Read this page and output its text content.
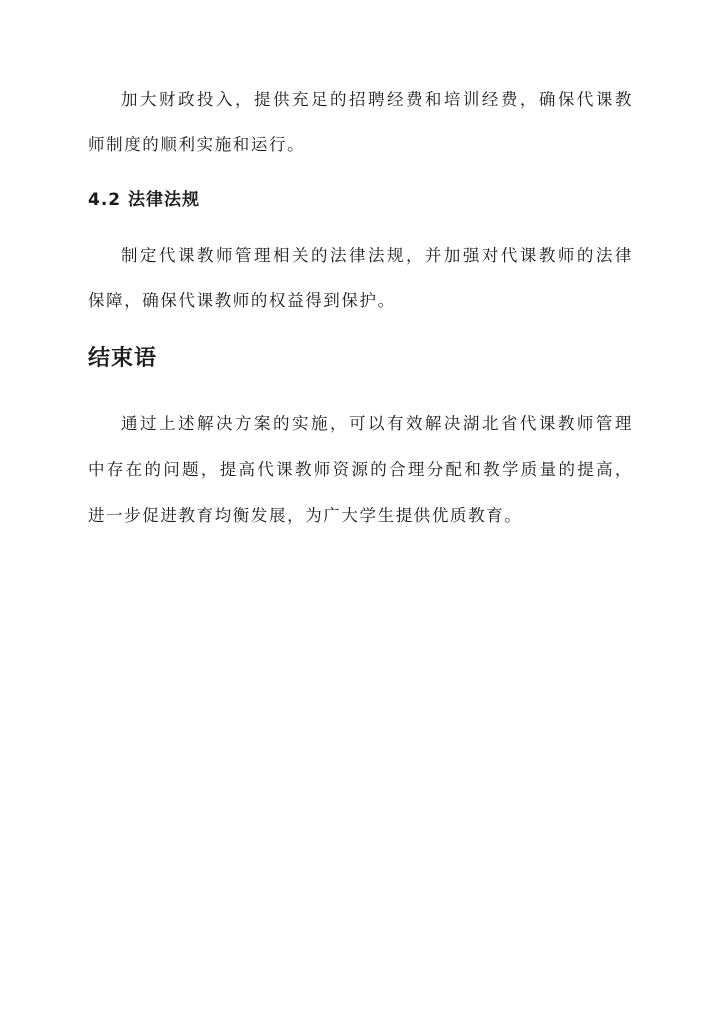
加大财政投入，提供充足的招聘经费和培训经费，确保代课教
师制度的顺利实施和运行。
4.2 法律法规
制定代课教师管理相关的法律法规，并加强对代课教师的法律
保障，确保代课教师的权益得到保护。
结束语
通过上述解决方案的实施，可以有效解决湖北省代课教师管理
中存在的问题，提高代课教师资源的合理分配和教学质量的提高，
进一步促进教育均衡发展，为广大学生提供优质教育。
